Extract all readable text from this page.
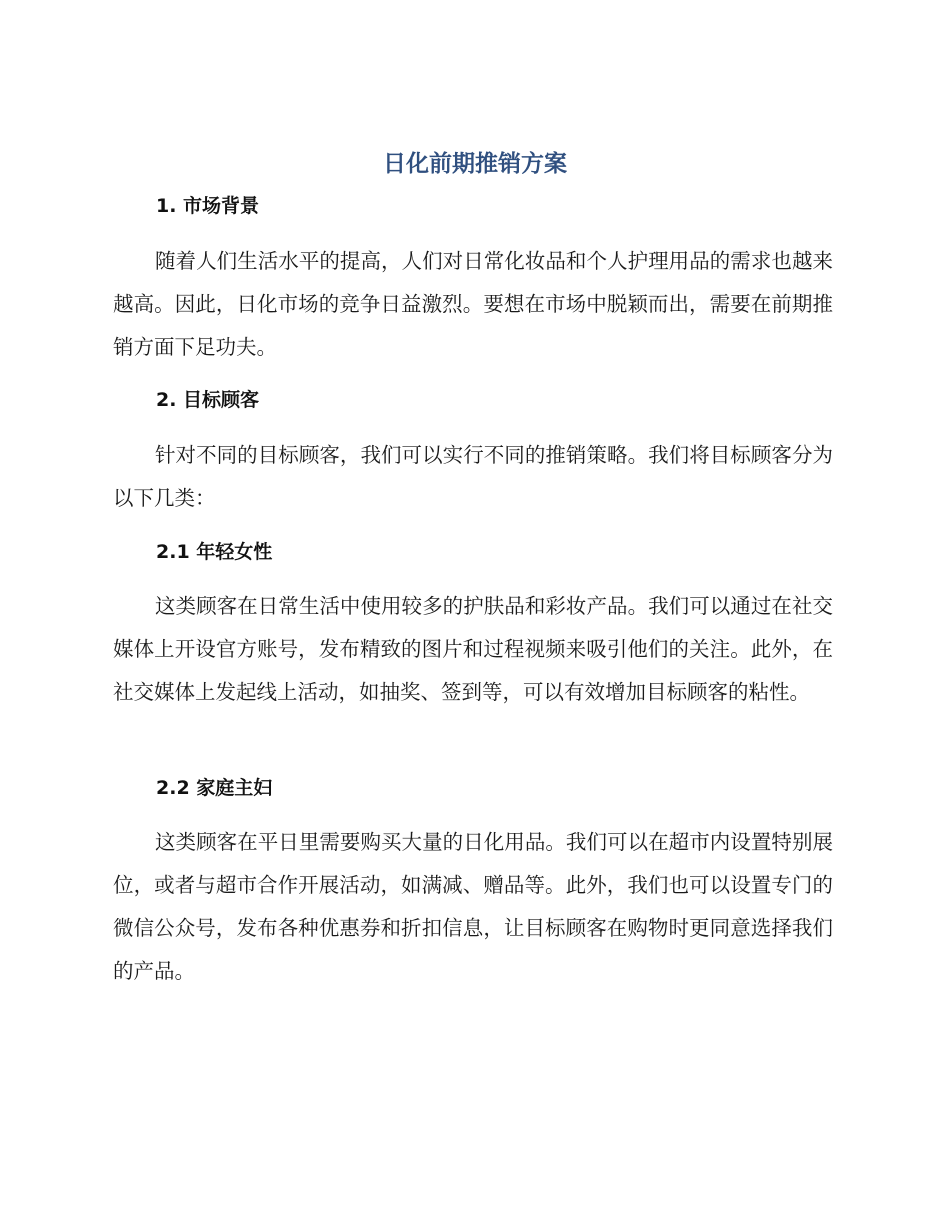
日化前期推销方案
1. 市场背景

随着人们生活水平的提高，人们对日常化妆品和个人护理用品的需求也越来越高。因此，日化市场的竞争日益激烈。要想在市场中脱颖而出，需要在前期推销方面下足功夫。

2. 目标顾客

针对不同的目标顾客，我们可以实行不同的推销策略。我们将目标顾客分为以下几类：

2.1 年轻女性

这类顾客在日常生活中使用较多的护肤品和彩妆产品。我们可以通过在社交媒体上开设官方账号，发布精致的图片和过程视频来吸引他们的关注。此外，在社交媒体上发起线上活动，如抽奖、签到等，可以有效增加目标顾客的粘性。

2.2 家庭主妇

这类顾客在平日里需要购买大量的日化用品。我们可以在超市内设置特别展位，或者与超市合作开展活动，如满减、赠品等。此外，我们也可以设置专门的微信公众号，发布各种优惠券和折扣信息，让目标顾客在购物时更同意选择我们的产品。
